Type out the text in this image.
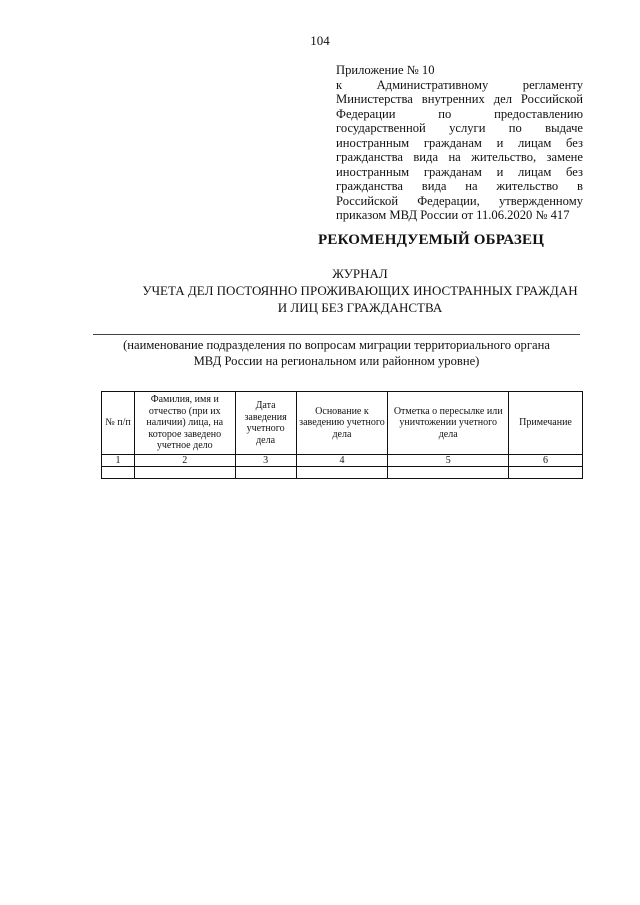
104
Приложение № 10
к Административному регламенту
Министерства внутренних дел Российской
Федерации по предоставлению
государственной услуги по выдаче
иностранным гражданам и лицам без
гражданства вида на жительство, замене
иностранным гражданам и лицам без
гражданства вида на жительство в
Российской Федерации, утвержденному
приказом МВД России от 11.06.2020 № 417
РЕКОМЕНДУЕМЫЙ ОБРАЗЕЦ
ЖУРНАЛ
УЧЕТА ДЕЛ ПОСТОЯННО ПРОЖИВАЮЩИХ ИНОСТРАННЫХ ГРАЖДАН
И ЛИЦ БЕЗ ГРАЖДАНСТВА
(наименование подразделения по вопросам миграции территориального органа
МВД России на региональном или районном уровне)
№ п/п	Фамилия, имя и отчество (при их наличии) лица, на которое заведено учетное дело	Дата заведения учетного дела	Основание к заведению учетного дела	Отметка о пересылке или уничтожении учетного дела	Примечание
1	2	3	4	5	6
